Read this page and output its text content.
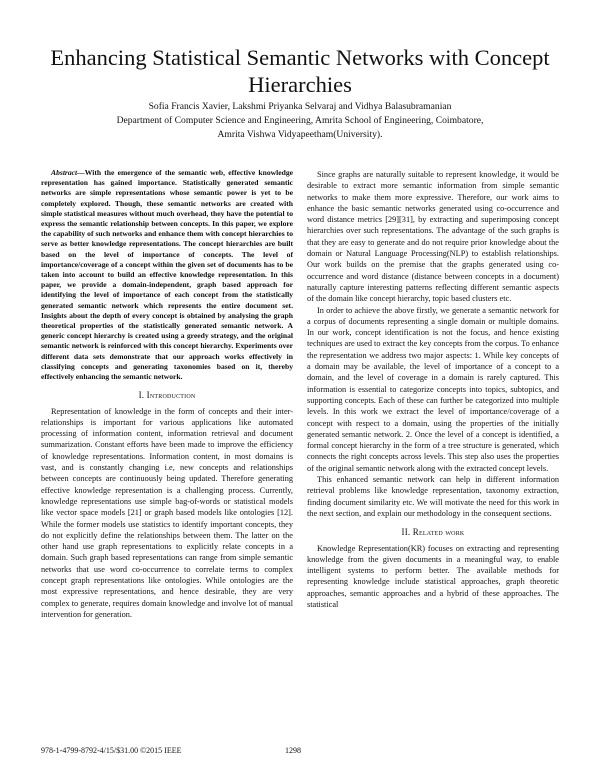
Enhancing Statistical Semantic Networks with Concept Hierarchies
Sofia Francis Xavier, Lakshmi Priyanka Selvaraj and Vidhya Balasubramanian
Department of Computer Science and Engineering, Amrita School of Engineering, Coimbatore,
Amrita Vishwa Vidyapeetham(University).

Abstract—With the emergence of the semantic web, effective knowledge representation has gained importance. Statistically generated semantic networks are simple representations whose semantic power is yet to be completely explored. Though, these semantic networks are created with simple statistical measures without much overhead, they have the potential to express the semantic relationship between concepts. In this paper, we explore the capability of such networks and enhance them with concept hierarchies to serve as better knowledge representations. The concept hierarchies are built based on the level of importance of concepts. The level of importance/coverage of a concept within the given set of documents has to be taken into account to build an effective knowledge representation. In this paper, we provide a domain-independent, graph based approach for identifying the level of importance of each concept from the statistically generated semantic network which represents the entire document set. Insights about the depth of every concept is obtained by analysing the graph theoretical properties of the statistically generated semantic network. A generic concept hierarchy is created using a greedy strategy, and the original semantic network is reinforced with this concept hierarchy. Experiments over different data sets demonstrate that our approach works effectively in classifying concepts and generating taxonomies based on it, thereby effectively enhancing the semantic network.

I. Introduction

Representation of knowledge in the form of concepts and their inter-relationships is important for various applications like automated processing of information content, information retrieval and document summarization. Constant efforts have been made to improve the efficiency of knowledge representations. Information content, in most domains is vast, and is constantly changing i.e, new concepts and relationships between concepts are continuously being updated. Therefore generating effective knowledge representation is a challenging process. Currently, knowledge representations use simple bag-of-words or statistical models like vector space models [21] or graph based models like ontologies [12]. While the former models use statistics to identify important concepts, they do not explicitly define the relationships between them. The latter on the other hand use graph representations to explicitly relate concepts in a domain. Such graph based representations can range from simple semantic networks that use word co-occurrence to correlate terms to complex concept graph representations like ontologies. While ontologies are the most expressive representations, and hence desirable, they are very complex to generate, requires domain knowledge and involve lot of manual intervention for generation.

Since graphs are naturally suitable to represent knowledge, it would be desirable to extract more semantic information from simple semantic networks to make them more expressive. Therefore, our work aims to enhance the basic semantic networks generated using co-occurrence and word distance metrics [29][31], by extracting and superimposing concept hierarchies over such representations. The advantage of the such graphs is that they are easy to generate and do not require prior knowledge about the domain or Natural Language Processing(NLP) to establish relationships. Our work builds on the premise that the graphs generated using co-occurrence and word distance (distance between concepts in a document) naturally capture interesting patterns reflecting different semantic aspects of the domain like concept hierarchy, topic based clusters etc.

In order to achieve the above firstly, we generate a semantic network for a corpus of documents representing a single domain or multiple domains. In our work, concept identification is not the focus, and hence existing techniques are used to extract the key concepts from the corpus. To enhance the representation we address two major aspects: 1. While key concepts of a domain may be available, the level of importance of a concept to a domain, and the level of coverage in a domain is rarely captured. This information is essential to categorize concepts into topics, subtopics, and supporting concepts. Each of these can further be categorized into multiple levels. In this work we extract the level of importance/coverage of a concept with respect to a domain, using the properties of the initially generated semantic network. 2. Once the level of a concept is identified, a formal concept hierarchy in the form of a tree structure is generated, which connects the right concepts across levels. This step also uses the properties of the original semantic network along with the extracted concept levels.

This enhanced semantic network can help in different information retrieval problems like knowledge representation, taxonomy extraction, finding document similarity etc. We will motivate the need for this work in the next section, and explain our methodology in the consequent sections.

II. Related work

Knowledge Representation(KR) focuses on extracting and representing knowledge from the given documents in a meaningful way, to enable intelligent systems to perform better. The available methods for representing knowledge include statistical approaches, graph theoretic approaches, semantic approaches and a hybrid of these approaches. The statistical

978-1-4799-8792-4/15/$31.00 ©2015 IEEE	1298
